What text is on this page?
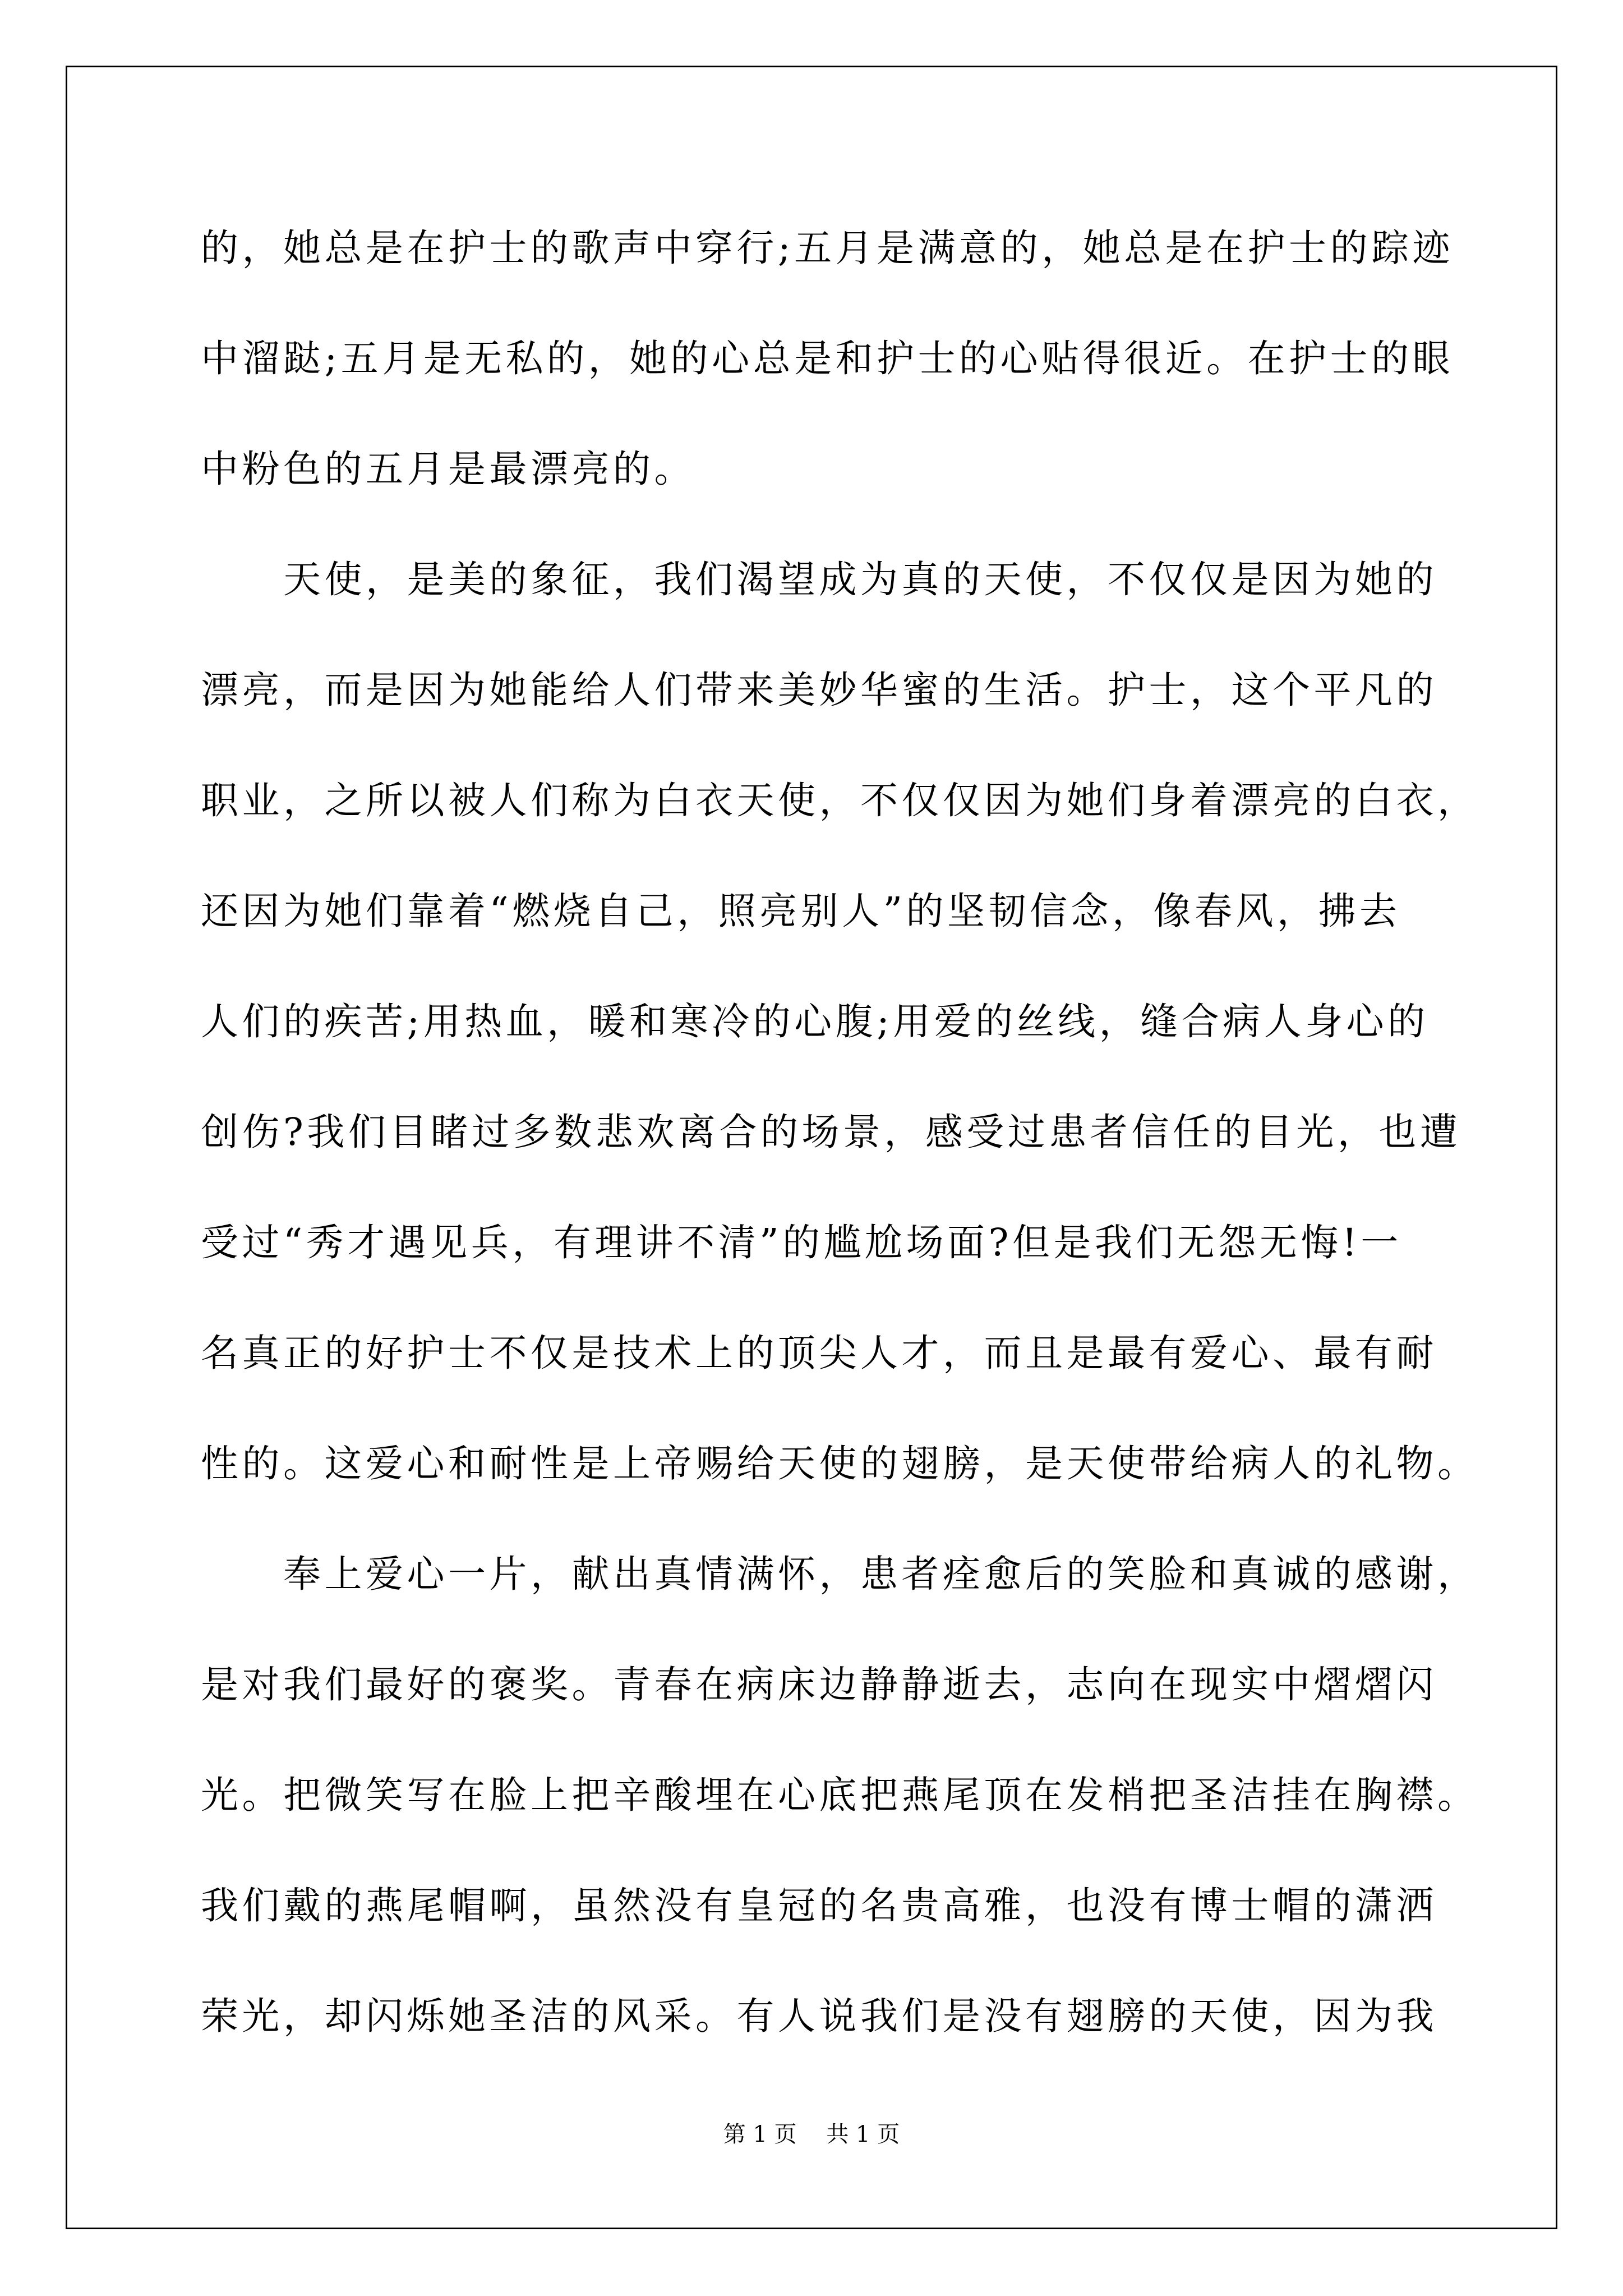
的，她总是在护士的歌声中穿行;五月是满意的，她总是在护士的踪迹
中溜跶;五月是无私的，她的心总是和护士的心贴得很近。在护士的眼
中粉色的五月是最漂亮的。
　　天使，是美的象征，我们渴望成为真的天使，不仅仅是因为她的
漂亮，而是因为她能给人们带来美妙华蜜的生活。护士，这个平凡的
职业，之所以被人们称为白衣天使，不仅仅因为她们身着漂亮的白衣，
还因为她们靠着“燃烧自己，照亮别人”的坚韧信念，像春风，拂去
人们的疾苦;用热血，暖和寒冷的心腹;用爱的丝线，缝合病人身心的
创伤?我们目睹过多数悲欢离合的场景，感受过患者信任的目光，也遭
受过“秀才遇见兵，有理讲不清”的尴尬场面?但是我们无怨无悔!一
名真正的好护士不仅是技术上的顶尖人才，而且是最有爱心、最有耐
性的。这爱心和耐性是上帝赐给天使的翅膀，是天使带给病人的礼物。
　　奉上爱心一片，献出真情满怀，患者痊愈后的笑脸和真诚的感谢，
是对我们最好的褒奖。青春在病床边静静逝去，志向在现实中熠熠闪
光。把微笑写在脸上把辛酸埋在心底把燕尾顶在发梢把圣洁挂在胸襟。
我们戴的燕尾帽啊，虽然没有皇冠的名贵高雅，也没有博士帽的潇洒
荣光，却闪烁她圣洁的风采。有人说我们是没有翅膀的天使，因为我
第 1 页　 共 1 页
